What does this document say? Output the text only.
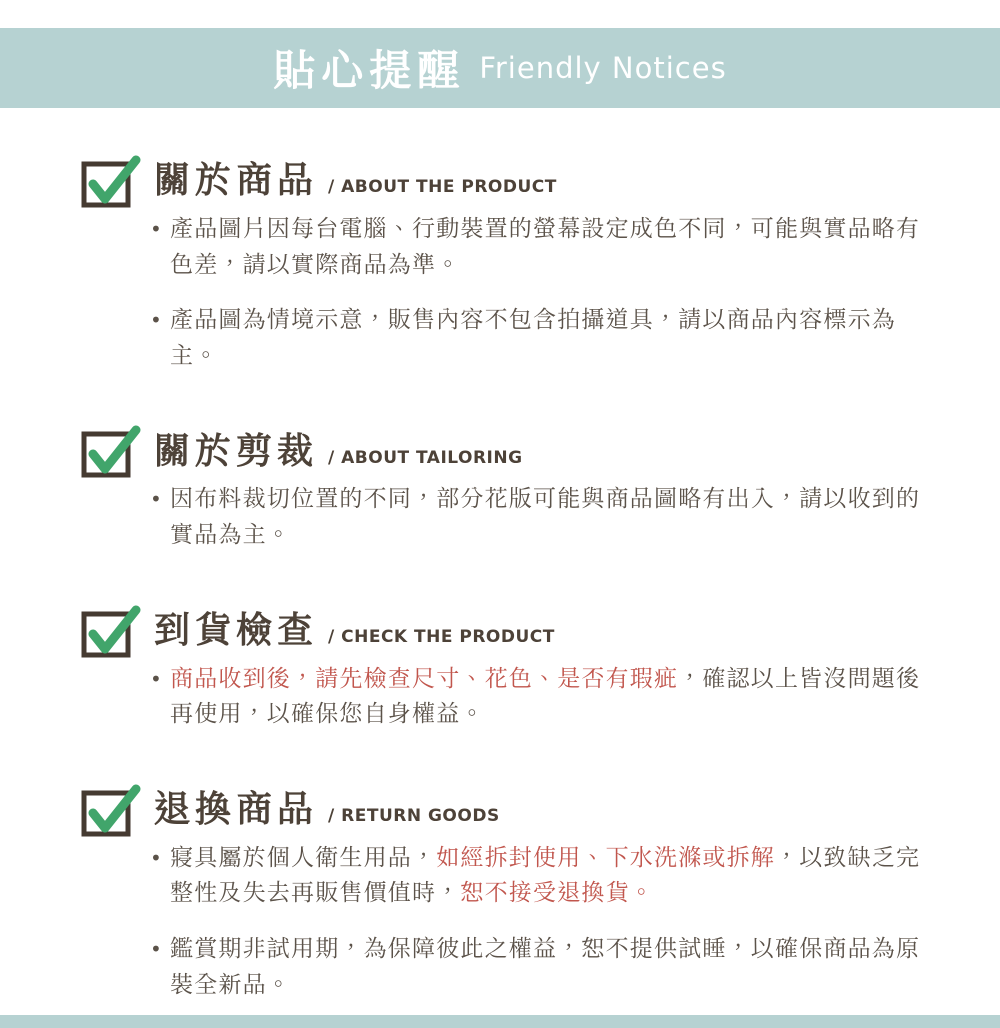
貼心提醒 Friendly Notices
關於商品 / ABOUT THE PRODUCT
• 產品圖片因每台電腦、行動裝置的螢幕設定成色不同，可能與實品略有色差，請以實際商品為準。
• 產品圖為情境示意，販售內容不包含拍攝道具，請以商品內容標示為主。
關於剪裁 / ABOUT TAILORING
• 因布料裁切位置的不同，部分花版可能與商品圖略有出入，請以收到的實品為主。
到貨檢查 / CHECK THE PRODUCT
• 商品收到後，請先檢查尺寸、花色、是否有瑕疵，確認以上皆沒問題後再使用，以確保您自身權益。
退換商品 / RETURN GOODS
• 寢具屬於個人衛生用品，如經拆封使用、下水洗滌或拆解，以致缺乏完整性及失去再販售價值時，恕不接受退換貨。
• 鑑賞期非試用期，為保障彼此之權益，恕不提供試睡，以確保商品為原裝全新品。
